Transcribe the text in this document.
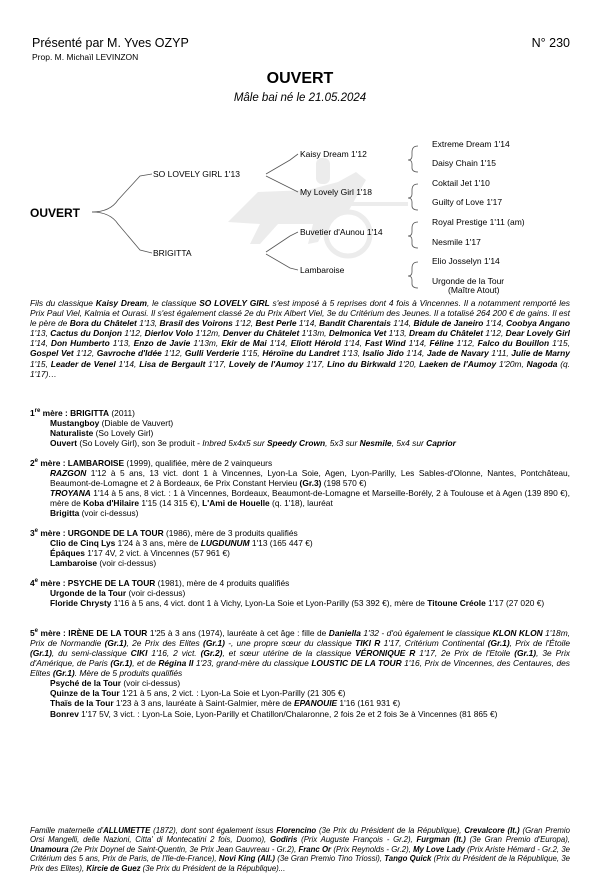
Présenté par M. Yves OZYP
Prop. M. Michaïl LEVINZON
N° 230
OUVERT
Mâle bai né le 21.05.2024
OUVERT
SO LOVELY GIRL 1'13
BRIGITTA
Kaisy Dream 1'12
My Lovely Girl 1'18
Buvetier d'Aunou 1'14
Lambaroise
Extreme Dream 1'14
Daisy Chain 1'15
Coktail Jet 1'10
Guilty of Love 1'17
Royal Prestige 1'11 (am)
Nesmile 1'17
Elio Josselyn 1'14
Urgonde de la Tour
(Maître Atout)
Fils du classique Kaisy Dream, le classique SO LOVELY GIRL s'est imposé à 5 reprises dont 4 fois à Vincennes. Il a notamment remporté les Prix Paul Viel, Kalmia et Ourasi. Il s'est également classé 2e du Prix Albert Viel, 3e du Critérium des Jeunes. Il a totalisé 264 200 € de gains. Il est le père de Bora du Châtelet 1'13, Brasil des Voirons 1'12, Best Perle 1'14, Bandit Charentais 1'14, Bidule de Janeiro 1'14, Coobya Angano 1'13, Cactus du Donjon 1'12, Dierlov Volo 1'12m, Denver du Châtelet 1'13m, Delmonica Vet 1'13, Dream du Châtelet 1'12, Dear Lovely Girl 1'14, Don Humberto 1'13, Enzo de Javie 1'13m, Ekir de Mai 1'14, Eliott Hérold 1'14, Fast Wind 1'14, Féline 1'12, Falco du Bouillon 1'15, Gospel Vet 1'12, Gavroche d'Idée 1'12, Gulli Verderie 1'15, Héroïne du Landret 1'13, Isalio Jido 1'14, Jade de Navary 1'11, Julie de Marny 1'15, Leader de Venel 1'14, Lisa de Bergault 1'17, Lovely de l'Aumoy 1'17, Lino du Birkwald 1'20, Laeken de l'Aumoy 1'20m, Nagoda (q. 1'17)…
1re mère : BRIGITTA (2011)
Mustangboy (Diable de Vauvert)
Naturaliste (So Lovely Girl)
Ouvert (So Lovely Girl), son 3e produit - Inbred 5x4x5 sur Speedy Crown, 5x3 sur Nesmile, 5x4 sur Caprior
2e mère : LAMBAROISE (1999), qualifiée, mère de 2 vainqueurs
RAZGON 1'12 à 5 ans, 13 vict. dont 1 à Vincennes, Lyon-La Soie, Agen, Lyon-Parilly, Les Sables-d'Olonne, Nantes, Pontchâteau, Beaumont-de-Lomagne et 2 à Bordeaux, 6e Prix Constant Hervieu (Gr.3) (198 570 €)
TROYANA 1'14 à 5 ans, 8 vict. : 1 à Vincennes, Bordeaux, Beaumont-de-Lomagne et Marseille-Borély, 2 à Toulouse et à Agen (139 890 €), mère de Koba d'Hilaire 1'15 (14 315 €), L'Ami de Houelle (q. 1'18), lauréat
Brigitta (voir ci-dessus)
3e mère : URGONDE DE LA TOUR (1986), mère de 3 produits qualifiés
Clio de Cinq Lys 1'24 à 3 ans, mère de LUGDUNUM 1'13 (165 447 €)
Épâques 1'17 4V, 2 vict. à Vincennes (57 961 €)
Lambaroise (voir ci-dessus)
4e mère : PSYCHE DE LA TOUR (1981), mère de 4 produits qualifiés
Urgonde de la Tour (voir ci-dessus)
Floride Chrysty 1'16 à 5 ans, 4 vict. dont 1 à Vichy, Lyon-La Soie et Lyon-Parilly (53 392 €), mère de Titoune Créole 1'17 (27 020 €)
5e mère : IRÈNE DE LA TOUR 1'25 à 3 ans (1974), lauréate à cet âge : fille de Daniella 1'32 - d'où également le classique KLON KLON 1'18m, Prix de Normandie (Gr.1), 2e Prix des Elites (Gr.1) -, une propre sœur du classique TIKI R 1'17, Critérium Continental (Gr.1), Prix de l'Étoile (Gr.1), du semi-classique CIKI 1'16, 2 vict. (Gr.2), et sœur utérine de la classique VÉRONIQUE R 1'17, 2e Prix de l'Etoile (Gr.1), 3e Prix d'Amérique, de Paris (Gr.1), et de Régina II 1'23, grand-mère du classique LOUSTIC DE LA TOUR 1'16, Prix de Vincennes, des Centaures, des Elites (Gr.1). Mère de 5 produits qualifiés
Psyché de la Tour (voir ci-dessus)
Quinze de la Tour 1'21 à 5 ans, 2 vict. : Lyon-La Soie et Lyon-Parilly (21 305 €)
Thaïs de la Tour 1'23 à 3 ans, lauréate à Saint-Galmier, mère de EPANOUIE 1'16 (161 931 €)
Bonrev 1'17 5V, 3 vict. : Lyon-La Soie, Lyon-Parilly et Chatillon/Chalaronne, 2 fois 2e et 2 fois 3e à Vincennes (81 865 €)
Famille maternelle d'ALLUMETTE (1872), dont sont également issus Florencino (3e Prix du Président de la République), Crevalcore (It.) (Gran Premio Orsi Mangelli, delle Nazioni, Citta' di Montecatini 2 fois, Duomo), Godiris (Prix Auguste François - Gr.2), Furgman (It.) (3e Gran Premio d'Europa), Unamoura (2e Prix Doynel de Saint-Quentin, 3e Prix Jean Gauvreau - Gr.2), Franc Or (Prix Reynolds - Gr.2), My Love Lady (Prix Ariste Hémard - Gr.2, 3e Critérium des 5 ans, Prix de Paris, de l'Ile-de-France), Novi King (All.) (3e Gran Premio Tino Triossi), Tango Quick (Prix du Président de la République, 3e Prix des Elites), Kircie de Guez (3e Prix du Président de la République)...
